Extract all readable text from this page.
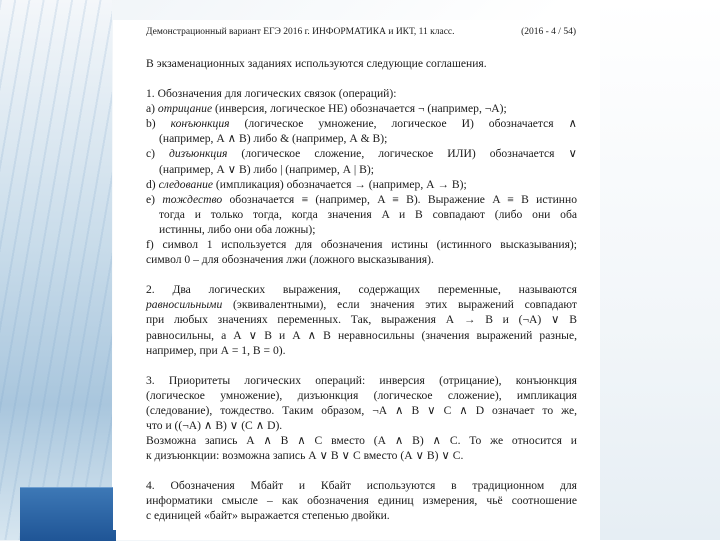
Демонстрационный вариант ЕГЭ 2016 г. ИНФОРМАТИКА и ИКТ, 11 класс.	(2016 - 4 / 54)
В экзаменационных заданиях используются следующие соглашения.
1. Обозначения для логических связок (операций):
a) отрицание (инверсия, логическое НЕ) обозначается ¬ (например, ¬А);
b) конъюнкция (логическое умножение, логическое И) обозначается ∧
(например, А ∧ В) либо & (например, А & В);
c) дизъюнкция (логическое сложение, логическое ИЛИ) обозначается ∨
(например, А ∨ В) либо | (например, А | В);
d) следование (импликация) обозначается → (например, А → В);
e) тождество обозначается ≡ (например, A ≡ B). Выражение A ≡ B истинно
тогда и только тогда, когда значения A и B совпадают (либо они оба
истинны, либо они оба ложны);
f) символ 1 используется для обозначения истины (истинного высказывания);
символ 0 – для обозначения лжи (ложного высказывания).
2. Два логических выражения, содержащих переменные, называются
равносильными (эквивалентными), если значения этих выражений совпадают
при любых значениях переменных. Так, выражения А → В и (¬А) ∨ В
равносильны, а А ∨ В и А ∧ В неравносильны (значения выражений разные,
например, при А = 1, В = 0).
3. Приоритеты логических операций: инверсия (отрицание), конъюнкция
(логическое умножение), дизъюнкция (логическое сложение), импликация
(следование), тождество. Таким образом, ¬А ∧ В ∨ С ∧ D означает то же,
что и ((¬А) ∧ В) ∨ (С ∧ D).
Возможна запись А ∧ В ∧ С вместо (А ∧ В) ∧ С. То же относится и
к дизъюнкции: возможна запись А ∨ В ∨ С вместо (А ∨ В) ∨ С.
4. Обозначения Мбайт и Кбайт используются в традиционном для
информатики смысле – как обозначения единиц измерения, чьё соотношение
с единицей «байт» выражается степенью двойки.
